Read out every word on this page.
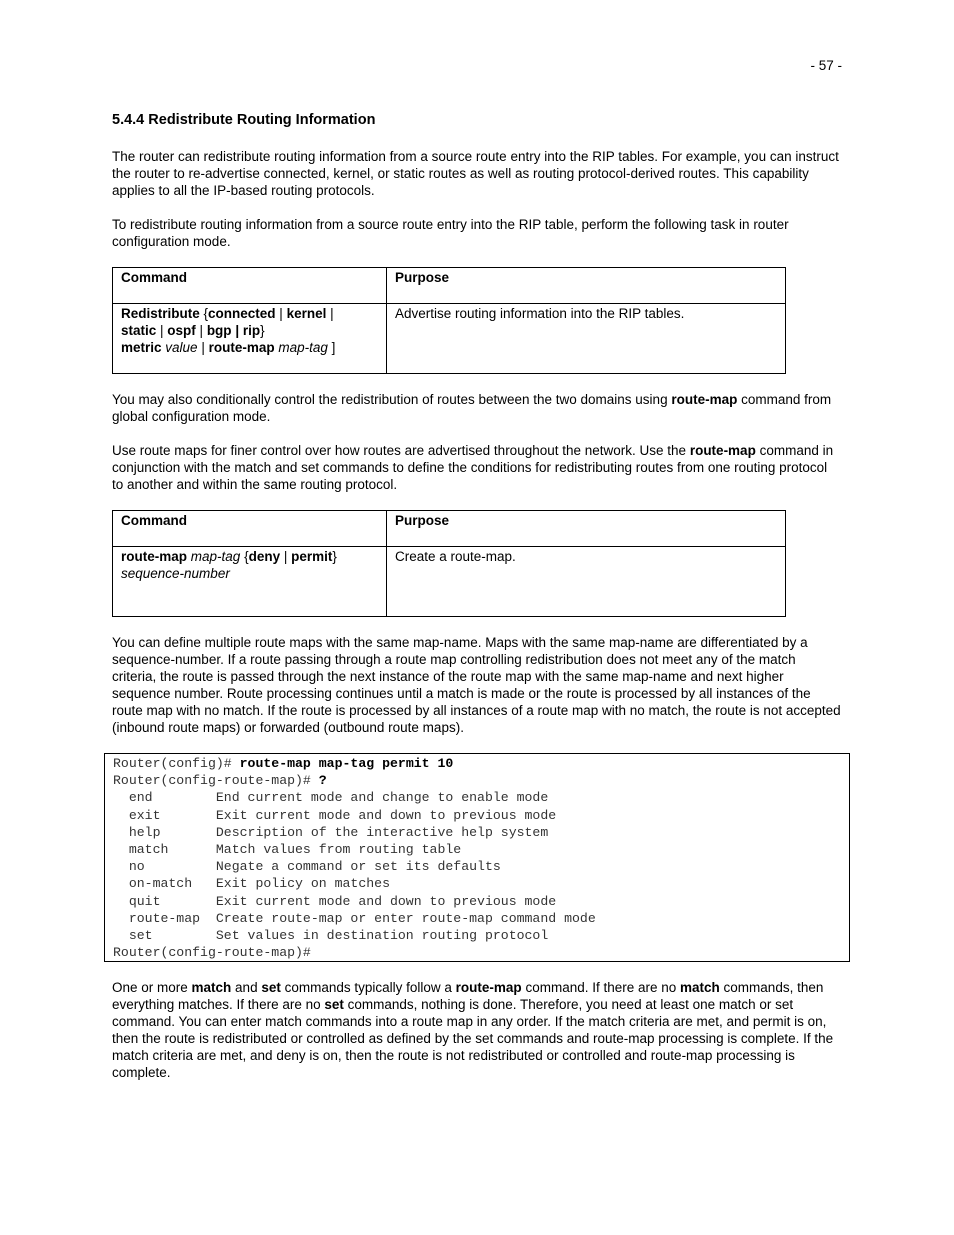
- 57 -
5.4.4 Redistribute Routing Information

The router can redistribute routing information from a source route entry into the RIP tables. For example, you can instruct the router to re-advertise connected, kernel, or static routes as well as routing protocol-derived routes. This capability applies to all the IP-based routing protocols.

To redistribute routing information from a source route entry into the RIP table, perform the following task in router configuration mode.

Command	Purpose
Redistribute {connected | kernel |
static | ospf | bgp | rip}
metric value | route-map map-tag ]	Advertise routing information into the RIP tables.

You may also conditionally control the redistribution of routes between the two domains using route-map command from global configuration mode.

Use route maps for finer control over how routes are advertised throughout the network. Use the route-map command in conjunction with the match and set commands to define the conditions for redistributing routes from one routing protocol to another and within the same routing protocol.

Command	Purpose
route-map map-tag {deny | permit}
sequence-number	Create a route-map.

You can define multiple route maps with the same map-name. Maps with the same map-name are differentiated by a sequence-number. If a route passing through a route map controlling redistribution does not meet any of the match criteria, the route is passed through the next instance of the route map with the same map-name and next higher sequence number. Route processing continues until a match is made or the route is processed by all instances of the route map with no match. If the route is processed by all instances of a route map with no match, the route is not accepted (inbound route maps) or forwarded (outbound route maps).

Router(config)# route-map map-tag permit 10
Router(config-route-map)# ?
end        End current mode and change to enable mode
exit       Exit current mode and down to previous mode
help       Description of the interactive help system
match      Match values from routing table
no         Negate a command or set its defaults
on-match   Exit policy on matches
quit       Exit current mode and down to previous mode
route-map  Create route-map or enter route-map command mode
set        Set values in destination routing protocol
Router(config-route-map)#

One or more match and set commands typically follow a route-map command. If there are no match commands, then everything matches. If there are no set commands, nothing is done. Therefore, you need at least one match or set command. You can enter match commands into a route map in any order. If the match criteria are met, and permit is on, then the route is redistributed or controlled as defined by the set commands and route-map processing is complete. If the match criteria are met, and deny is on, then the route is not redistributed or controlled and route-map processing is complete.
